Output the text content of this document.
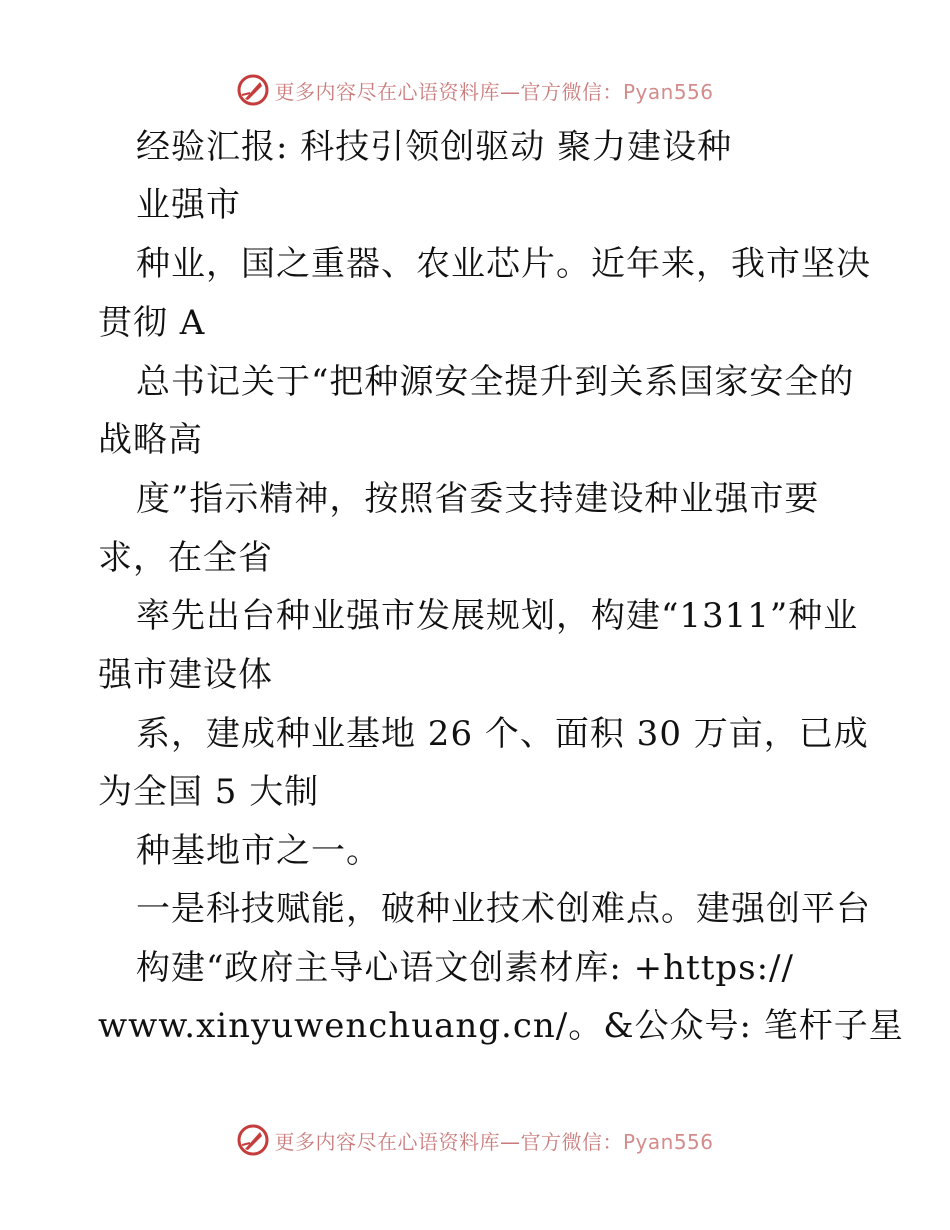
更多内容尽在心语资料库—官方微信：Pyan556
经验汇报: 科技引领创驱动 聚力建设种
业强市
种业，国之重器、农业芯片。近年来，我市坚决
贯彻 A
总书记关于“把种源安全提升到关系国家安全的
战略高
度”指示精神，按照省委支持建设种业强市要
求，在全省
率先出台种业强市发展规划，构建“1311”种业
强市建设体
系，建成种业基地 26 个、面积 30 万亩，已成
为全国 5 大制
种基地市之一。
一是科技赋能，破种业技术创难点。建强创平台
构建“政府主导心语文创素材库: +https://
www.xinyuwenchuang.cn/。&公众号: 笔杆子星
更多内容尽在心语资料库—官方微信：Pyan556
